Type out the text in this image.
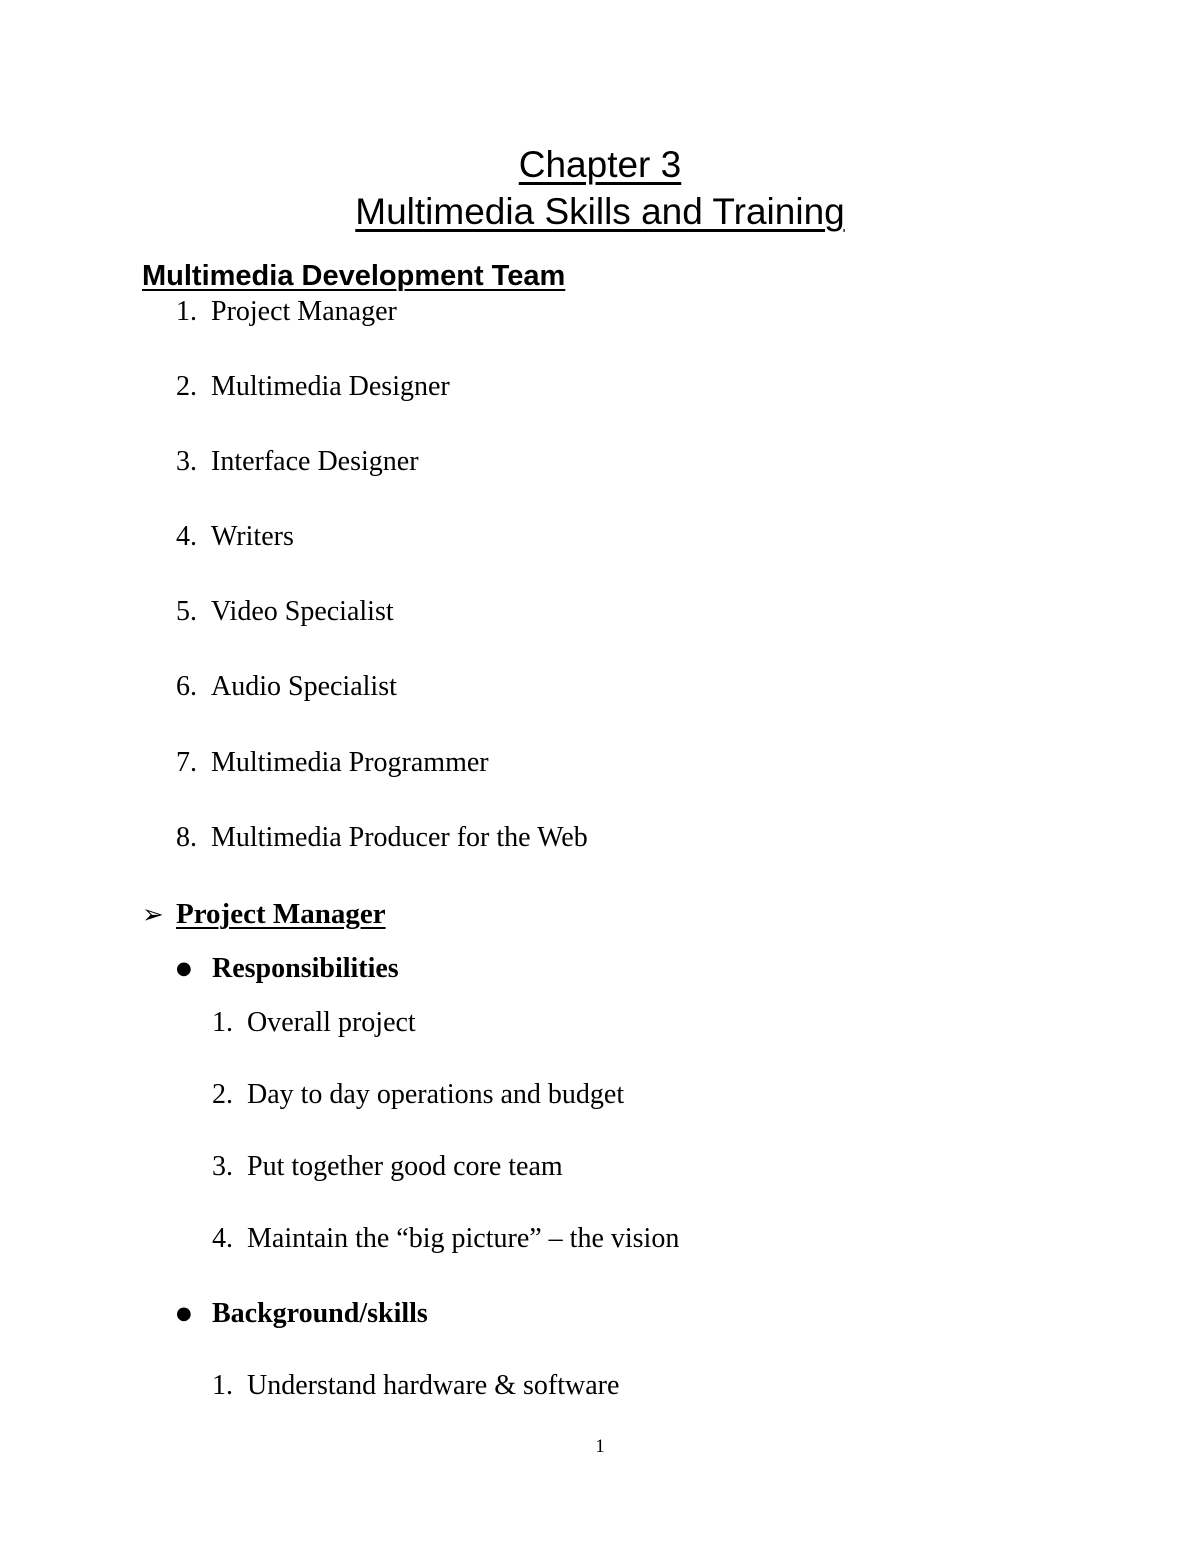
Chapter 3
Multimedia Skills and Training
Multimedia Development Team
1. Project Manager
2. Multimedia Designer
3. Interface Designer
4. Writers
5. Video Specialist
6. Audio Specialist
7. Multimedia Programmer
8. Multimedia Producer for the Web
➢ Project Manager
● Responsibilities
1. Overall project
2. Day to day operations and budget
3. Put together good core team
4. Maintain the “big picture” – the vision
● Background/skills
1. Understand hardware & software
1
